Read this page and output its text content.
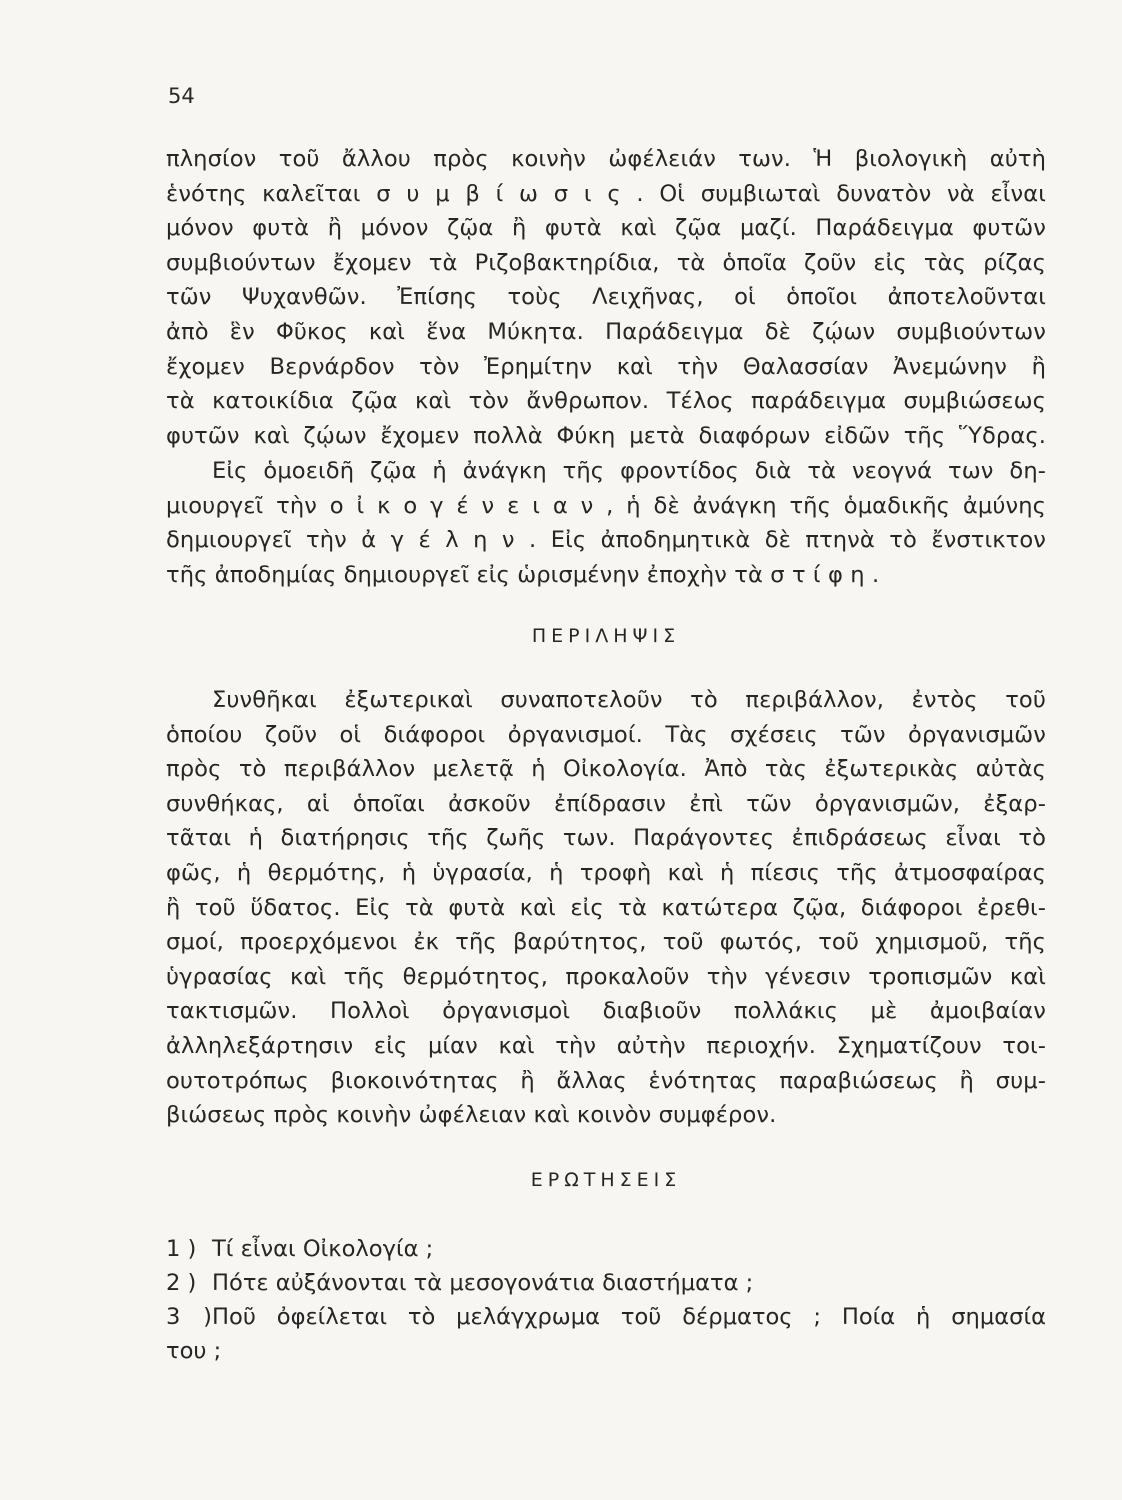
54
πλησίον τοῦ ἄλλου πρὸς κοινὴν ὠφέλειάν των. Ἡ βιολογικὴ αὐτὴ
ἑνότης καλεῖται σ υ μ β ί ω σ ι ς . Οἱ συμβιωταὶ δυνατὸν νὰ εἶναι
μόνον φυτὰ ἢ μόνον ζῷα ἢ φυτὰ καὶ ζῷα μαζί. Παράδειγμα φυτῶν
συμβιούντων ἔχομεν τὰ Ριζοβακτηρίδια, τὰ ὁποῖα ζοῦν εἰς τὰς ρίζας
τῶν Ψυχανθῶν. Ἐπίσης τοὺς Λειχῆνας, οἱ ὁποῖοι ἀποτελοῦνται
ἀπὸ ἓν Φῦκος καὶ ἕνα Μύκητα. Παράδειγμα δὲ ζῴων συμβιούντων
ἔχομεν Βερνάρδον τὸν Ἐρημίτην καὶ τὴν Θαλασσίαν Ἀνεμώνην ἢ
τὰ κατοικίδια ζῷα καὶ τὸν ἄνθρωπον. Τέλος παράδειγμα συμβιώσεως
φυτῶν καὶ ζῴων ἔχομεν πολλὰ Φύκη μετὰ διαφόρων εἰδῶν τῆς Ὕδρας.
Εἰς ὁμοειδῆ ζῷα ἡ ἀνάγκη τῆς φροντίδος διὰ τὰ νεογνά των δη-
μιουργεῖ τὴν ο ἰ κ ο γ έ ν ε ι α ν , ἡ δὲ ἀνάγκη τῆς ὁμαδικῆς ἀμύνης
δημιουργεῖ τὴν ἀ γ έ λ η ν . Εἰς ἀποδημητικὰ δὲ πτηνὰ τὸ ἔνστικτον
τῆς ἀποδημίας δημιουργεῖ εἰς ὡρισμένην ἐποχὴν τὰ σ τ ί φ η .
ΠΕΡΙΛΗΨΙΣ
Συνθῆκαι ἐξωτερικαὶ συναποτελοῦν τὸ περιβάλλον, ἐντὸς τοῦ
ὁποίου ζοῦν οἱ διάφοροι ὀργανισμοί. Τὰς σχέσεις τῶν ὀργανισμῶν
πρὸς τὸ περιβάλλον μελετᾷ ἡ Οἰκολογία. Ἀπὸ τὰς ἐξωτερικὰς αὐτὰς
συνθήκας, αἱ ὁποῖαι ἀσκοῦν ἐπίδρασιν ἐπὶ τῶν ὀργανισμῶν, ἐξαρ-
τᾶται ἡ διατήρησις τῆς ζωῆς των. Παράγοντες ἐπιδράσεως εἶναι τὸ
φῶς, ἡ θερμότης, ἡ ὑγρασία, ἡ τροφὴ καὶ ἡ πίεσις τῆς ἀτμοσφαίρας
ἢ τοῦ ὕδατος. Εἰς τὰ φυτὰ καὶ εἰς τὰ κατώτερα ζῷα, διάφοροι ἐρεθι-
σμοί, προερχόμενοι ἐκ τῆς βαρύτητος, τοῦ φωτός, τοῦ χημισμοῦ, τῆς
ὑγρασίας καὶ τῆς θερμότητος, προκαλοῦν τὴν γένεσιν τροπισμῶν καὶ
τακτισμῶν. Πολλοὶ ὀργανισμοὶ διαβιοῦν πολλάκις μὲ ἀμοιβαίαν
ἀλληλεξάρτησιν εἰς μίαν καὶ τὴν αὐτὴν περιοχήν. Σχηματίζουν τοι-
ουτοτρόπως βιοκοινότητας ἢ ἄλλας ἑνότητας παραβιώσεως ἢ συμ-
βιώσεως πρὸς κοινὴν ὠφέλειαν καὶ κοινὸν συμφέρον.
ΕΡΩΤΗΣΕΙΣ
1 ) Τί εἶναι Οἰκολογία ;
2 ) Πότε αὐξάνονται τὰ μεσογονάτια διαστήματα ;
3 )Ποῦ ὀφείλεται τὸ μελάγχρωμα τοῦ δέρματος ; Ποία ἡ σημασία
του ;
